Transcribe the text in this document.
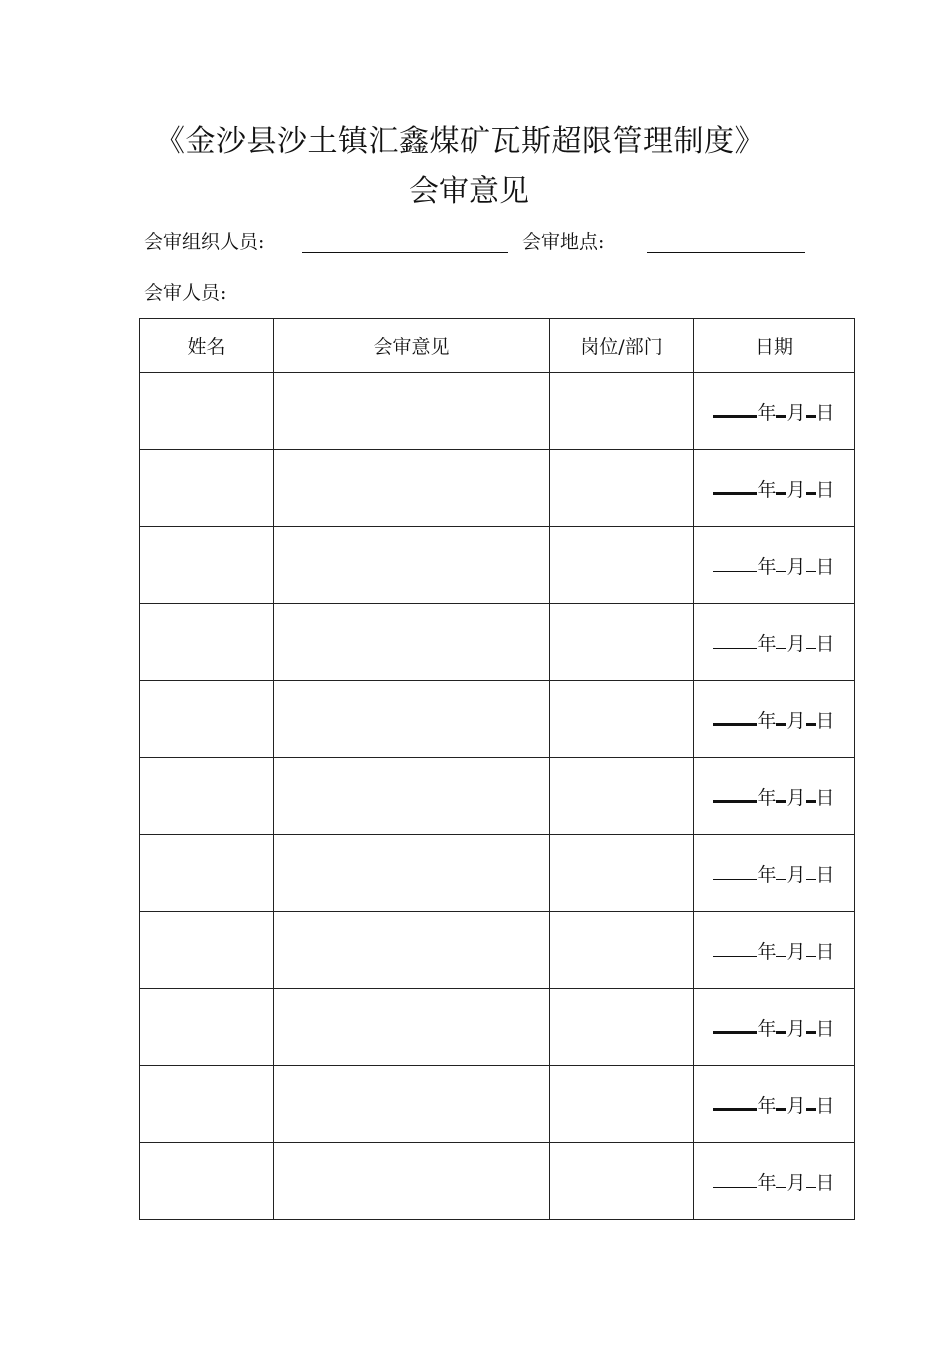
《金沙县沙土镇汇鑫煤矿瓦斯超限管理制度》
会审意见
会审组织人员:	会审地点:
会审人员:
姓名	会审意见	岗位/部门	日期
			年 月 日
			年 月 日
			年 月 日
			年 月 日
			年 月 日
			年 月 日
			年 月 日
			年 月 日
			年 月 日
			年 月 日
			年 月 日
